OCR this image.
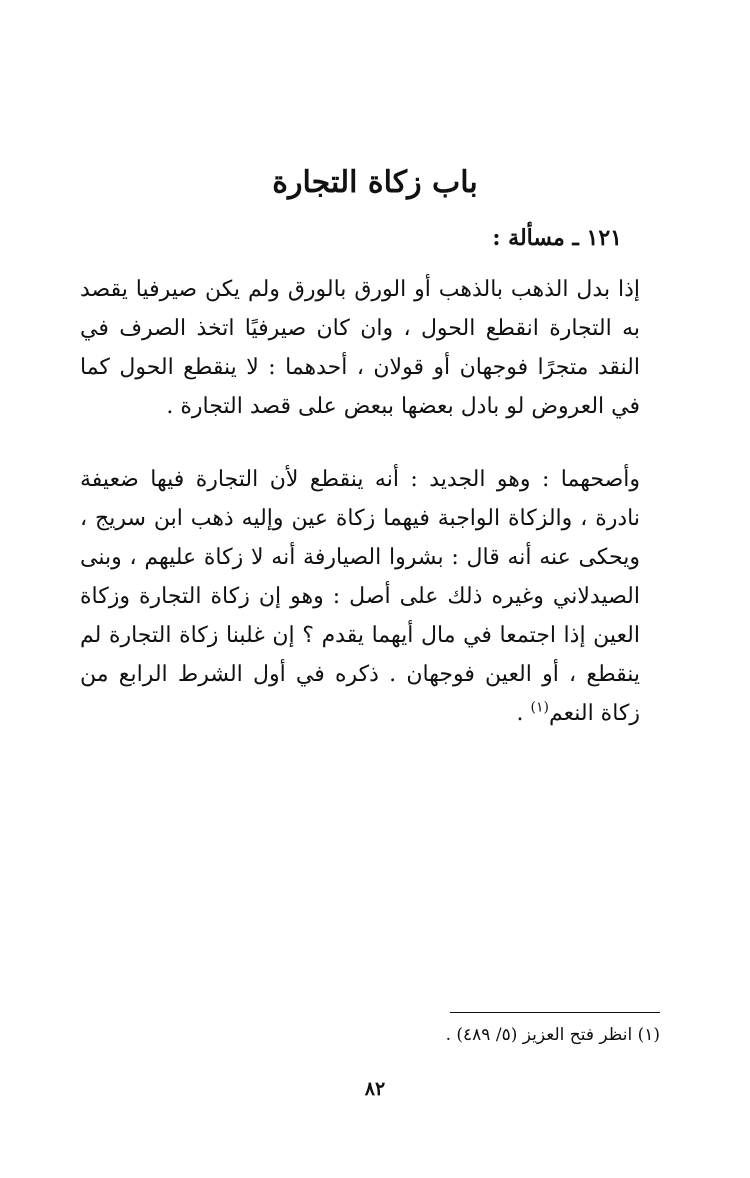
باب زكاة التجارة
١٢١ ـ مسألة :

إذا بدل الذهب بالذهب أو الورق بالورق ولم يكن صيرفيا يقصد به التجارة انقطع الحول ، وان كان صيرفيًا اتخذ الصرف في النقد متجرًا فوجهان أو قولان ، أحدهما : لا ينقطع الحول كما في العروض لو بادل بعضها ببعض على قصد التجارة .

وأصحهما : وهو الجديد : أنه ينقطع لأن التجارة فيها ضعيفة نادرة ، والزكاة الواجبة فيهما زكاة عين وإليه ذهب ابن سريج ، ويحكى عنه أنه قال : بشروا الصيارفة أنه لا زكاة عليهم ، وبنى الصيدلاني وغيره ذلك على أصل : وهو إن زكاة التجارة وزكاة العين إذا اجتمعا في مال أيهما يقدم ؟ إن غلبنا زكاة التجارة لم ينقطع ، أو العين فوجهان . ذكره في أول الشرط الرابع من زكاة النعم$^{(١)}$ .

(١) انظر فتح العزيز (٥/ ٤٨٩) .
٨٢
